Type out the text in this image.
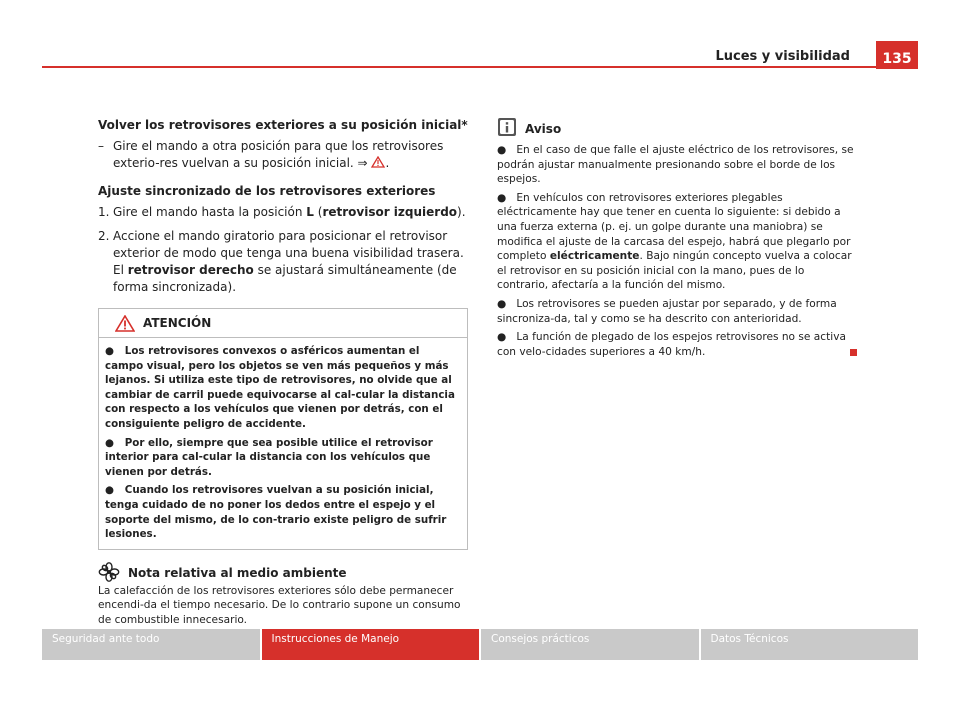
Luces y visibilidad	135
Volver los retrovisores exteriores a su posición inicial*
– Gire el mando a otra posición para que los retrovisores exterio-res vuelvan a su posición inicial. ⇒ .
Ajuste sincronizado de los retrovisores exteriores
1. Gire el mando hasta la posición L (retrovisor izquierdo).
2. Accione el mando giratorio para posicionar el retrovisor exterior de modo que tenga una buena visibilidad trasera. El retrovisor derecho se ajustará simultáneamente (de forma sincronizada).
ATENCIÓN

● Los retrovisores convexos o asféricos aumentan el campo visual, pero los objetos se ven más pequeños y más lejanos. Si utiliza este tipo de retrovisores, no olvide que al cambiar de carril puede equivocarse al cal-cular la distancia con respecto a los vehículos que vienen por detrás, con el consiguiente peligro de accidente.

● Por ello, siempre que sea posible utilice el retrovisor interior para cal-cular la distancia con los vehículos que vienen por detrás.

● Cuando los retrovisores vuelvan a su posición inicial, tenga cuidado de no poner los dedos entre el espejo y el soporte del mismo, de lo con-trario existe peligro de sufrir lesiones.

Nota relativa al medio ambiente

La calefacción de los retrovisores exteriores sólo debe permanecer encendi-da el tiempo necesario. De lo contrario supone un consumo de combustible innecesario.

Aviso

● En el caso de que falle el ajuste eléctrico de los retrovisores, se podrán ajustar manualmente presionando sobre el borde de los espejos.

● En vehículos con retrovisores exteriores plegables eléctricamente hay que tener en cuenta lo siguiente: si debido a una fuerza externa (p. ej. un golpe durante una maniobra) se modifica el ajuste de la carcasa del espejo, habrá que plegarlo por completo eléctricamente. Bajo ningún concepto vuelva a colocar el retrovisor en su posición inicial con la mano, pues de lo contrario, afectaría a la función del mismo.

● Los retrovisores se pueden ajustar por separado, y de forma sincroniza-da, tal y como se ha descrito con anterioridad.

● La función de plegado de los espejos retrovisores no se activa con velo-cidades superiores a 40 km/h.

Seguridad ante todo	Instrucciones de Manejo	Consejos prácticos	Datos Técnicos
